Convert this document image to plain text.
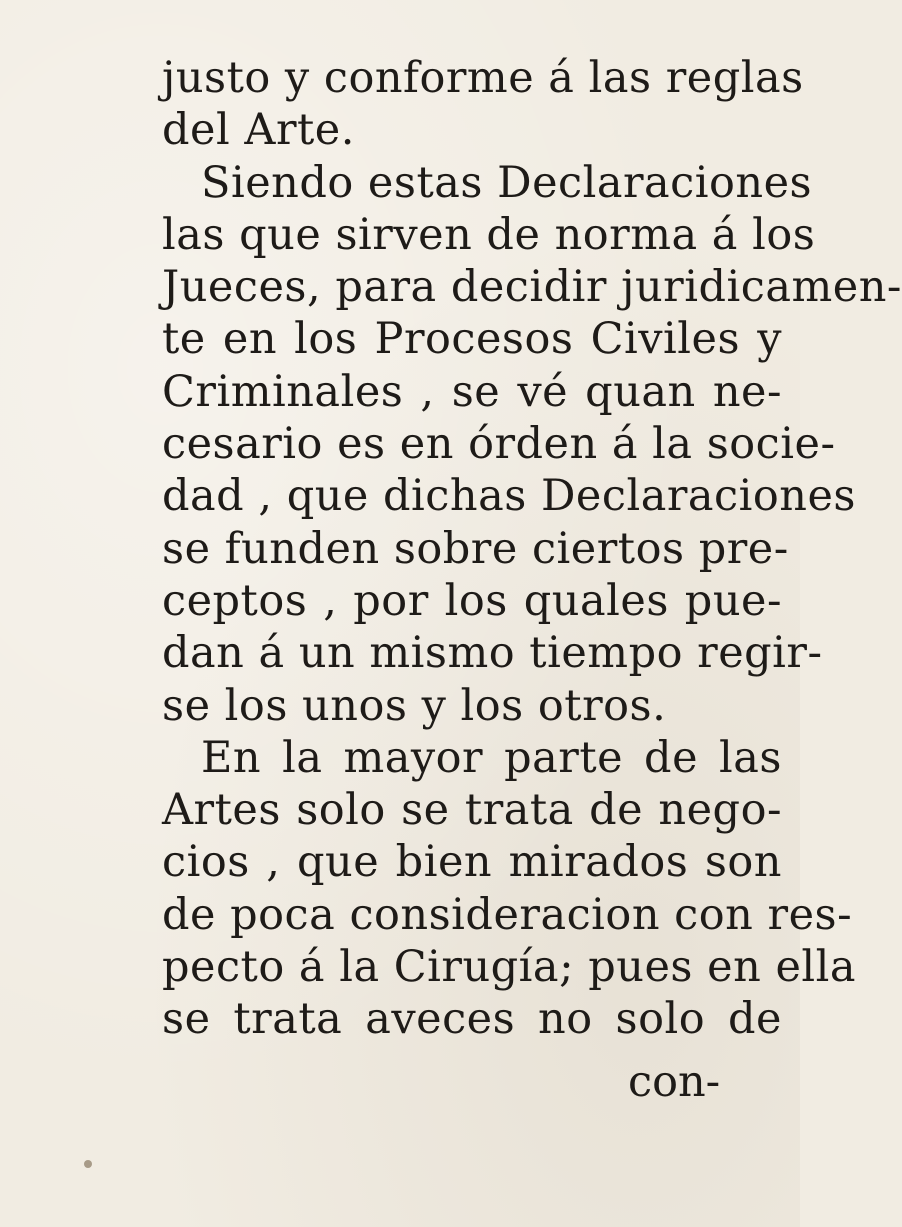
justo y conforme á las reglas
del Arte.
Siendo estas Declaraciones
las que sirven de norma á los
Jueces, para decidir juridicamen-
te en los Procesos Civiles y
Criminales , se vé quan ne-
cesario es en órden á la socie-
dad , que dichas Declaraciones
se funden sobre ciertos pre-
ceptos , por los quales pue-
dan á un mismo tiempo regir-
se los unos y los otros.
En la mayor parte de las
Artes solo se trata de nego-
cios , que bien mirados son
de poca consideracion con res-
pecto á la Cirugía; pues en ella
se trata aveces no solo de
con-
